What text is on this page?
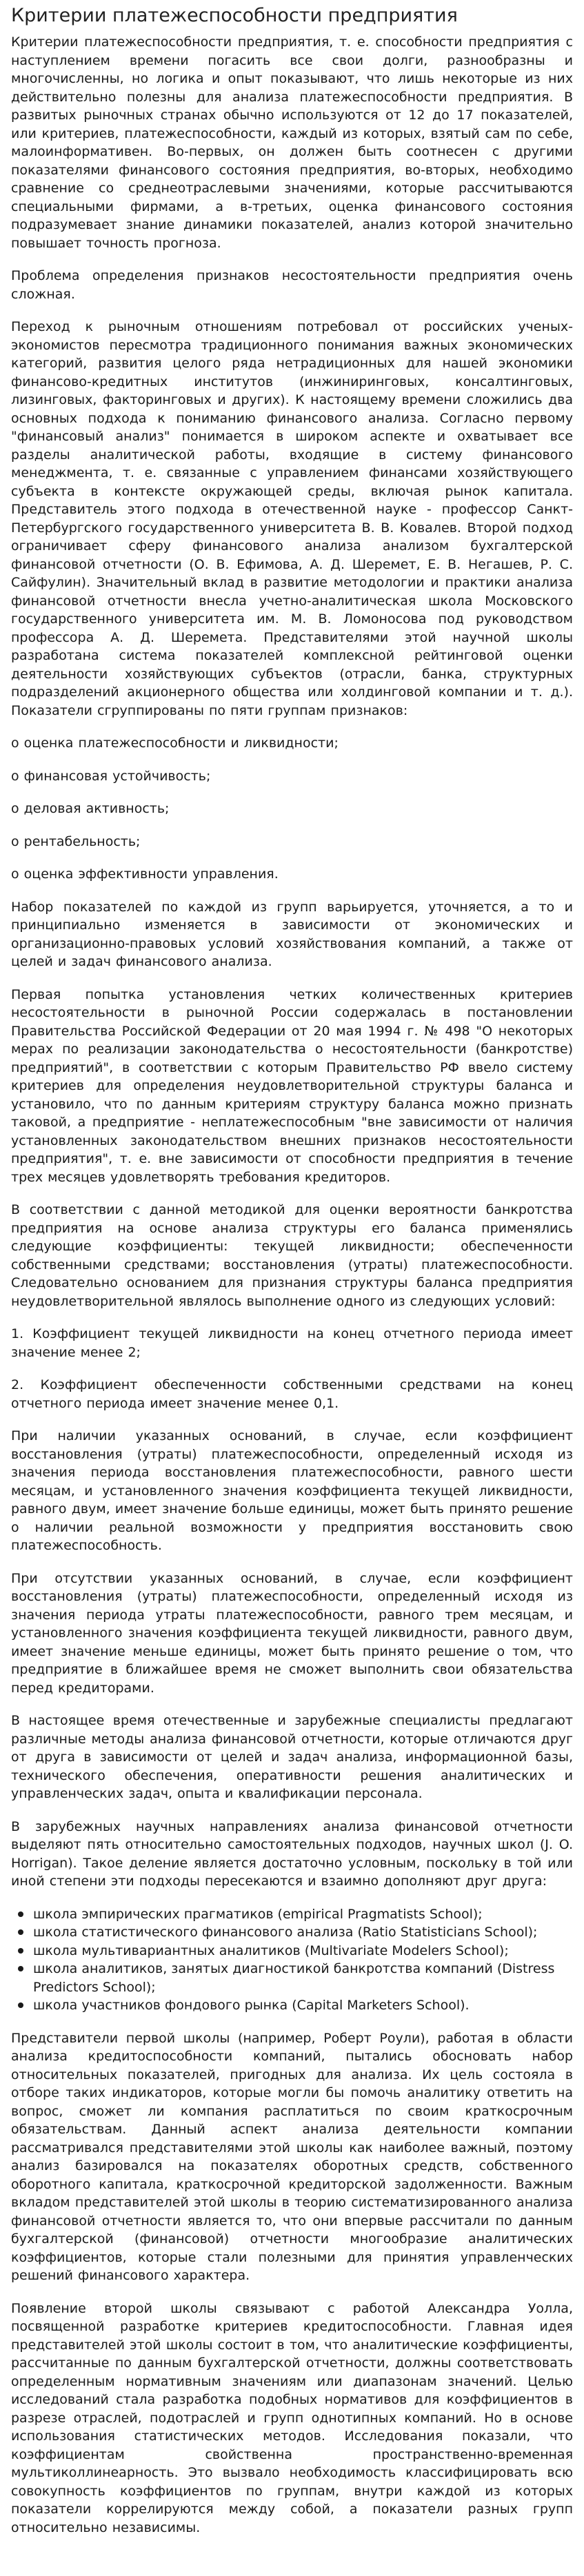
Критерии платежеспособности предприятия

Критерии платежеспособности предприятия, т. е. способности предприятия с наступлением времени погасить все свои долги, разнообразны и многочисленны, но логика и опыт показывают, что лишь некоторые из них действительно полезны для анализа платежеспособности предприятия. В развитых рыночных странах обычно используются от 12 до 17 показателей, или критериев, платежеспособности, каждый из которых, взятый сам по себе, малоинформативен. Во-первых, он должен быть соотнесен с другими показателями финансового состояния предприятия, во-вторых, необходимо сравнение со среднеотраслевыми значениями, которые рассчитываются специальными фирмами, а в-третьих, оценка финансового состояния подразумевает знание динамики показателей, анализ которой значительно повышает точность прогноза.

Проблема определения признаков несостоятельности предприятия очень сложная.

Переход к рыночным отношениям потребовал от российских ученых-экономистов пересмотра традиционного понимания важных экономических категорий, развития целого ряда нетрадиционных для нашей экономики финансово-кредитных институтов (инжиниринговых, консалтинговых, лизинговых, факторинговых и других). К настоящему времени сложились два основных подхода к пониманию финансового анализа. Согласно первому "финансовый анализ" понимается в широком аспекте и охватывает все разделы аналитической работы, входящие в систему финансового менеджмента, т. е. связанные с управлением финансами хозяйствующего субъекта в контексте окружающей среды, включая рынок капитала. Представитель этого подхода в отечественной науке - профессор Санкт-Петербургского государственного университета В. В. Ковалев. Второй подход ограничивает сферу финансового анализа анализом бухгалтерской финансовой отчетности (О. В. Ефимова, А. Д. Шеремет, Е. В. Негашев, Р. С. Сайфулин). Значительный вклад в развитие методологии и практики анализа финансовой отчетности внесла учетно-аналитическая школа Московского государственного университета им. М. В. Ломоносова под руководством профессора А. Д. Шеремета. Представителями этой научной школы разработана система показателей комплексной рейтинговой оценки деятельности хозяйствующих субъектов (отрасли, банка, структурных подразделений акционерного общества или холдинговой компании и т. д.). Показатели сгруппированы по пяти группам признаков:

о оценка платежеспособности и ликвидности;

о финансовая устойчивость;

о деловая активность;

о рентабельность;

о оценка эффективности управления.

Набор показателей по каждой из групп варьируется, уточняется, а то и принципиально изменяется в зависимости от экономических и организационно-правовых условий хозяйствования компаний, а также от целей и задач финансового анализа.

Первая попытка установления четких количественных критериев несостоятельности в рыночной России содержалась в постановлении Правительства Российской Федерации от 20 мая 1994 г. № 498 "О некоторых мерах по реализации законодательства о несостоятельности (банкротстве) предприятий", в соответствии с которым Правительство РФ ввело систему критериев для определения неудовлетворительной структуры баланса и установило, что по данным критериям структуру баланса можно признать таковой, а предприятие - неплатежеспособным "вне зависимости от наличия установленных законодательством внешних признаков несостоятельности предприятия", т. е. вне зависимости от способности предприятия в течение трех месяцев удовлетворять требования кредиторов.

В соответствии с данной методикой для оценки вероятности банкротства предприятия на основе анализа структуры его баланса применялись следующие коэффициенты: текущей ликвидности; обеспеченности собственными средствами; восстановления (утраты) платежеспособности. Следовательно основанием для признания структуры баланса предприятия неудовлетворительной являлось выполнение одного из следующих условий:

1. Коэффициент текущей ликвидности на конец отчетного периода имеет значение менее 2;

2. Коэффициент обеспеченности собственными средствами на конец отчетного периода имеет значение менее 0,1.

При наличии указанных оснований, в случае, если коэффициент восстановления (утраты) платежеспособности, определенный исходя из значения периода восстановления платежеспособности, равного шести месяцам, и установленного значения коэффициента текущей ликвидности, равного двум, имеет значение больше единицы, может быть принято решение о наличии реальной возможности у предприятия восстановить свою платежеспособность.

При отсутствии указанных оснований, в случае, если коэффициент восстановления (утраты) платежеспособности, определенный исходя из значения периода утраты платежеспособности, равного трем месяцам, и установленного значения коэффициента текущей ликвидности, равного двум, имеет значение меньше единицы, может быть принято решение о том, что предприятие в ближайшее время не сможет выполнить свои обязательства перед кредиторами.

В настоящее время отечественные и зарубежные специалисты предлагают различные методы анализа финансовой отчетности, которые отличаются друг от друга в зависимости от целей и задач анализа, информационной базы, технического обеспечения, оперативности решения аналитических и управленческих задач, опыта и квалификации персонала.

В зарубежных научных направлениях анализа финансовой отчетности выделяют пять относительно самостоятельных подходов, научных школ (J. O. Horrigan). Такое деление является достаточно условным, поскольку в той или иной степени эти подходы пересекаются и взаимно дополняют друг друга:

школа эмпирических прагматиков (empirical Pragmatists School);
школа статистического финансового анализа (Ratio Statisticians School);
школа мультивариантных аналитиков (Multivariate Modelers School);
школа аналитиков, занятых диагностикой банкротства компаний (Distress Predictors School);
школа участников фондового рынка (Capital Marketers School).

Представители первой школы (например, Роберт Роули), работая в области анализа кредитоспособности компаний, пытались обосновать набор относительных показателей, пригодных для анализа. Их цель состояла в отборе таких индикаторов, которые могли бы помочь аналитику ответить на вопрос, сможет ли компания расплатиться по своим краткосрочным обязательствам. Данный аспект анализа деятельности компании рассматривался представителями этой школы как наиболее важный, поэтому анализ базировался на показателях оборотных средств, собственного оборотного капитала, краткосрочной кредиторской задолженности. Важным вкладом представителей этой школы в теорию систематизированного анализа финансовой отчетности является то, что они впервые рассчитали по данным бухгалтерской (финансовой) отчетности многообразие аналитических коэффициентов, которые стали полезными для принятия управленческих решений финансового характера.

Появление второй школы связывают с работой Александра Уолла, посвященной разработке критериев кредитоспособности. Главная идея представителей этой школы состоит в том, что аналитические коэффициенты, рассчитанные по данным бухгалтерской отчетности, должны соответствовать определенным нормативным значениям или диапазонам значений. Целью исследований стала разработка подобных нормативов для коэффициентов в разрезе отраслей, подотраслей и групп однотипных компаний. Но в основе использования статистических методов. Исследования показали, что коэффициентам свойственна пространственно-временная мультиколлинеарность. Это вызвало необходимость классифицировать всю совокупность коэффициентов по группам, внутри каждой из которых показатели коррелируются между собой, а показатели разных групп относительно независимы.
